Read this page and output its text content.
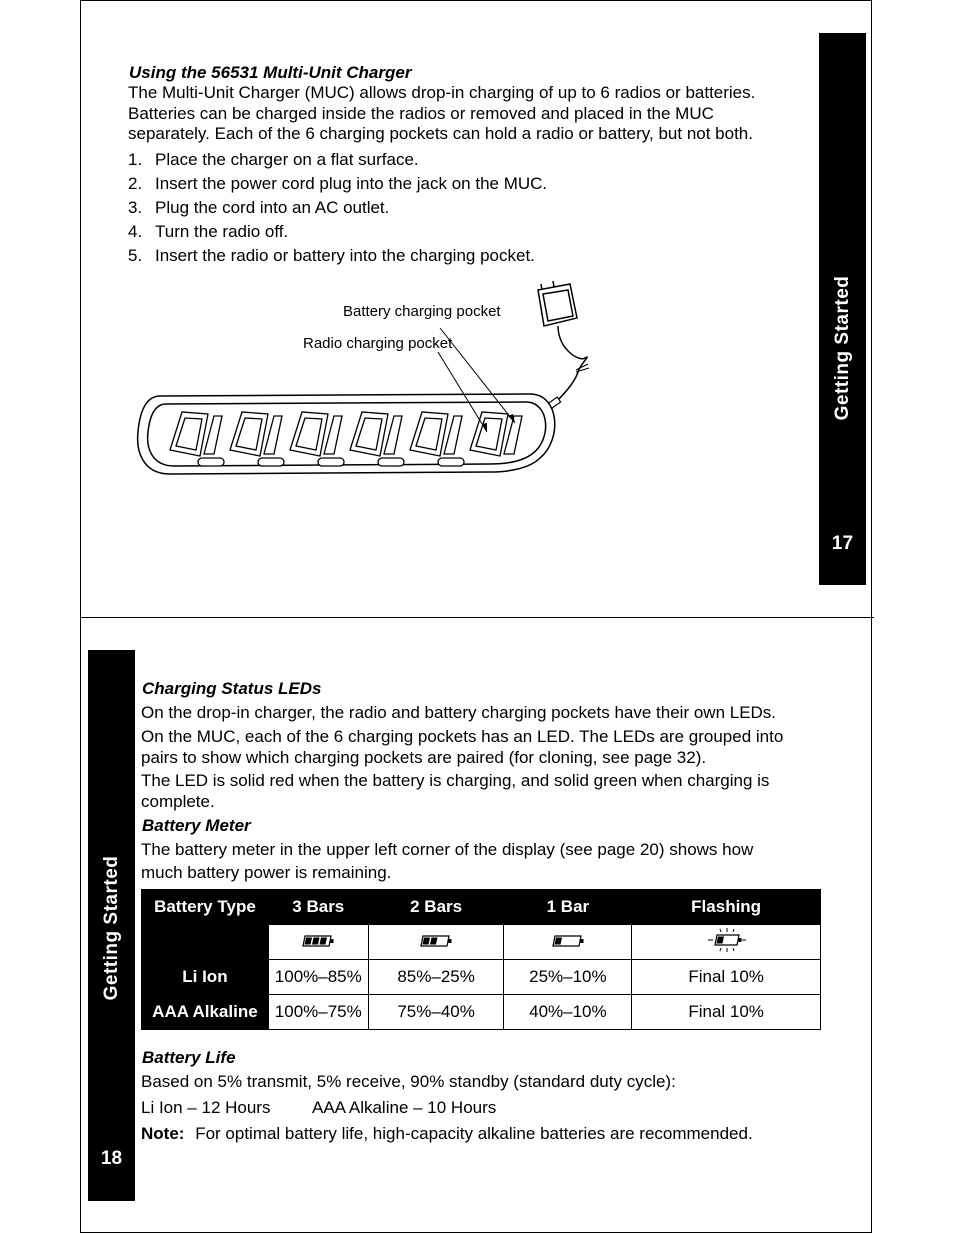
Getting Started
17
Using the 56531 Multi-Unit Charger
The Multi-Unit Charger (MUC) allows drop-in charging of up to 6 radios or batteries.
Batteries can be charged inside the radios or removed and placed in the MUC
separately. Each of the 6 charging pockets can hold a radio or battery, but not both.
1. Place the charger on a flat surface.
2. Insert the power cord plug into the jack on the MUC.
3. Plug the cord into an AC outlet.
4. Turn the radio off.
5. Insert the radio or battery into the charging pocket.
Battery charging pocket
Radio charging pocket
Getting Started
18
Charging Status LEDs
On the drop-in charger, the radio and battery charging pockets have their own LEDs.
On the MUC, each of the 6 charging pockets has an LED. The LEDs are grouped into
pairs to show which charging pockets are paired (for cloning, see page 32).
The LED is solid red when the battery is charging, and solid green when charging is
complete.
Battery Meter
The battery meter in the upper left corner of the display (see page 20) shows how
much battery power is remaining.
Battery Type	3 Bars	2 Bars	1 Bar	Flashing

Li Ion	100%–85%	85%–25%	25%–10%	Final 10%
AAA Alkaline	100%–75%	75%–40%	40%–10%	Final 10%
Battery Life
Based on 5% transmit, 5% receive, 90% standby (standard duty cycle):
Li Ion – 12 Hours AAA Alkaline – 10 Hours
Note: For optimal battery life, high-capacity alkaline batteries are recommended.
